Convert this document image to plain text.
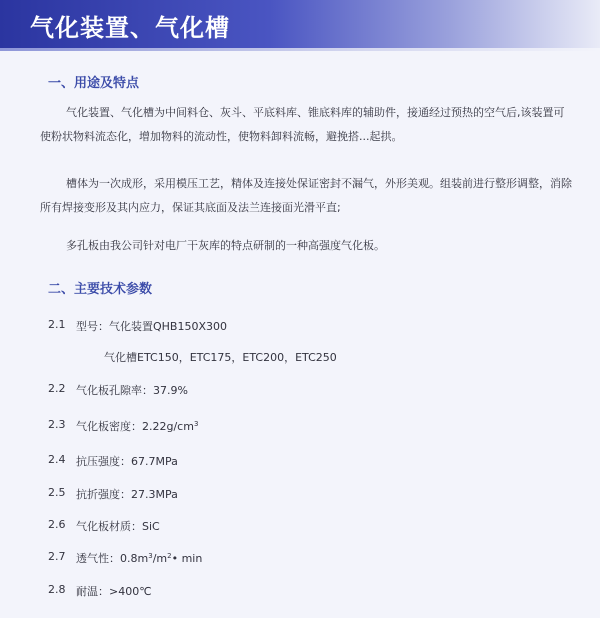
气化装置、气化槽
一、用途及特点
气化装置、气化槽为中间料仓、灰斗、平底料库、锥底料库的辅助件，接通经过预热的空气后,该装置可使粉状物料流态化，增加物料的流动性，使物料卸料流畅，避挽搭...起拱。
槽体为一次成形，采用模压工艺，精体及连接处保证密封不漏气，外形美观。组装前进行整形调整，消除所有焊接变形及其内应力，保证其底面及法兰连接面光滑平直;
多孔板由我公司针对电厂干灰库的特点研制的一种高强度气化板。
二、主要技术参数
2.1 型号：气化装置QHB150X300
气化槽ETC150，ETC175，ETC200，ETC250
2.2 气化板孔隙率：37.9%
2.3 气化板密度：$2.22g/cm^3$
2.4 抗压强度：67.7MPa
2.5 抗折强度：27.3MPa
2.6 气化板材质：SiC
2.7 透气性：$0.8m^3/m^2•$ min
2.8 耐温：>400℃
